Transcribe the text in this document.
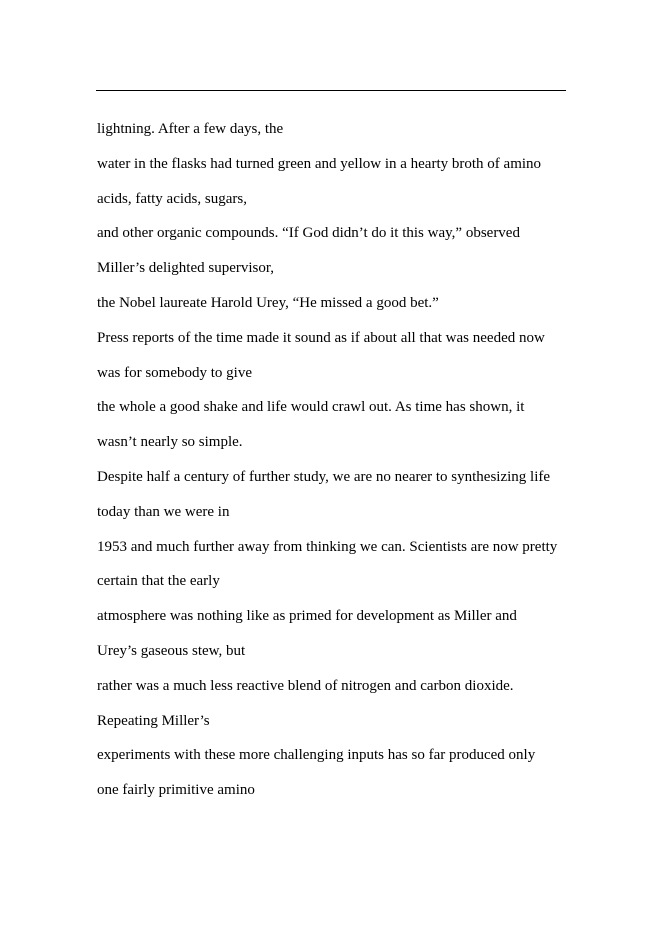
lightning. After a few days, the
water in the flasks had turned green and yellow in a hearty broth of amino
acids, fatty acids, sugars,
and other organic compounds. “If God didn’t do it this way,” observed
Miller’s delighted supervisor,
the Nobel laureate Harold Urey, “He missed a good bet.”
Press reports of the time made it sound as if about all that was needed now
was for somebody to give
the whole a good shake and life would crawl out. As time has shown, it
wasn’t nearly so simple.
Despite half a century of further study, we are no nearer to synthesizing life
today than we were in
1953 and much further away from thinking we can. Scientists are now pretty
certain that the early
atmosphere was nothing like as primed for development as Miller and
Urey’s gaseous stew, but
rather was a much less reactive blend of nitrogen and carbon dioxide.
Repeating Miller’s
experiments with these more challenging inputs has so far produced only
one fairly primitive amino
